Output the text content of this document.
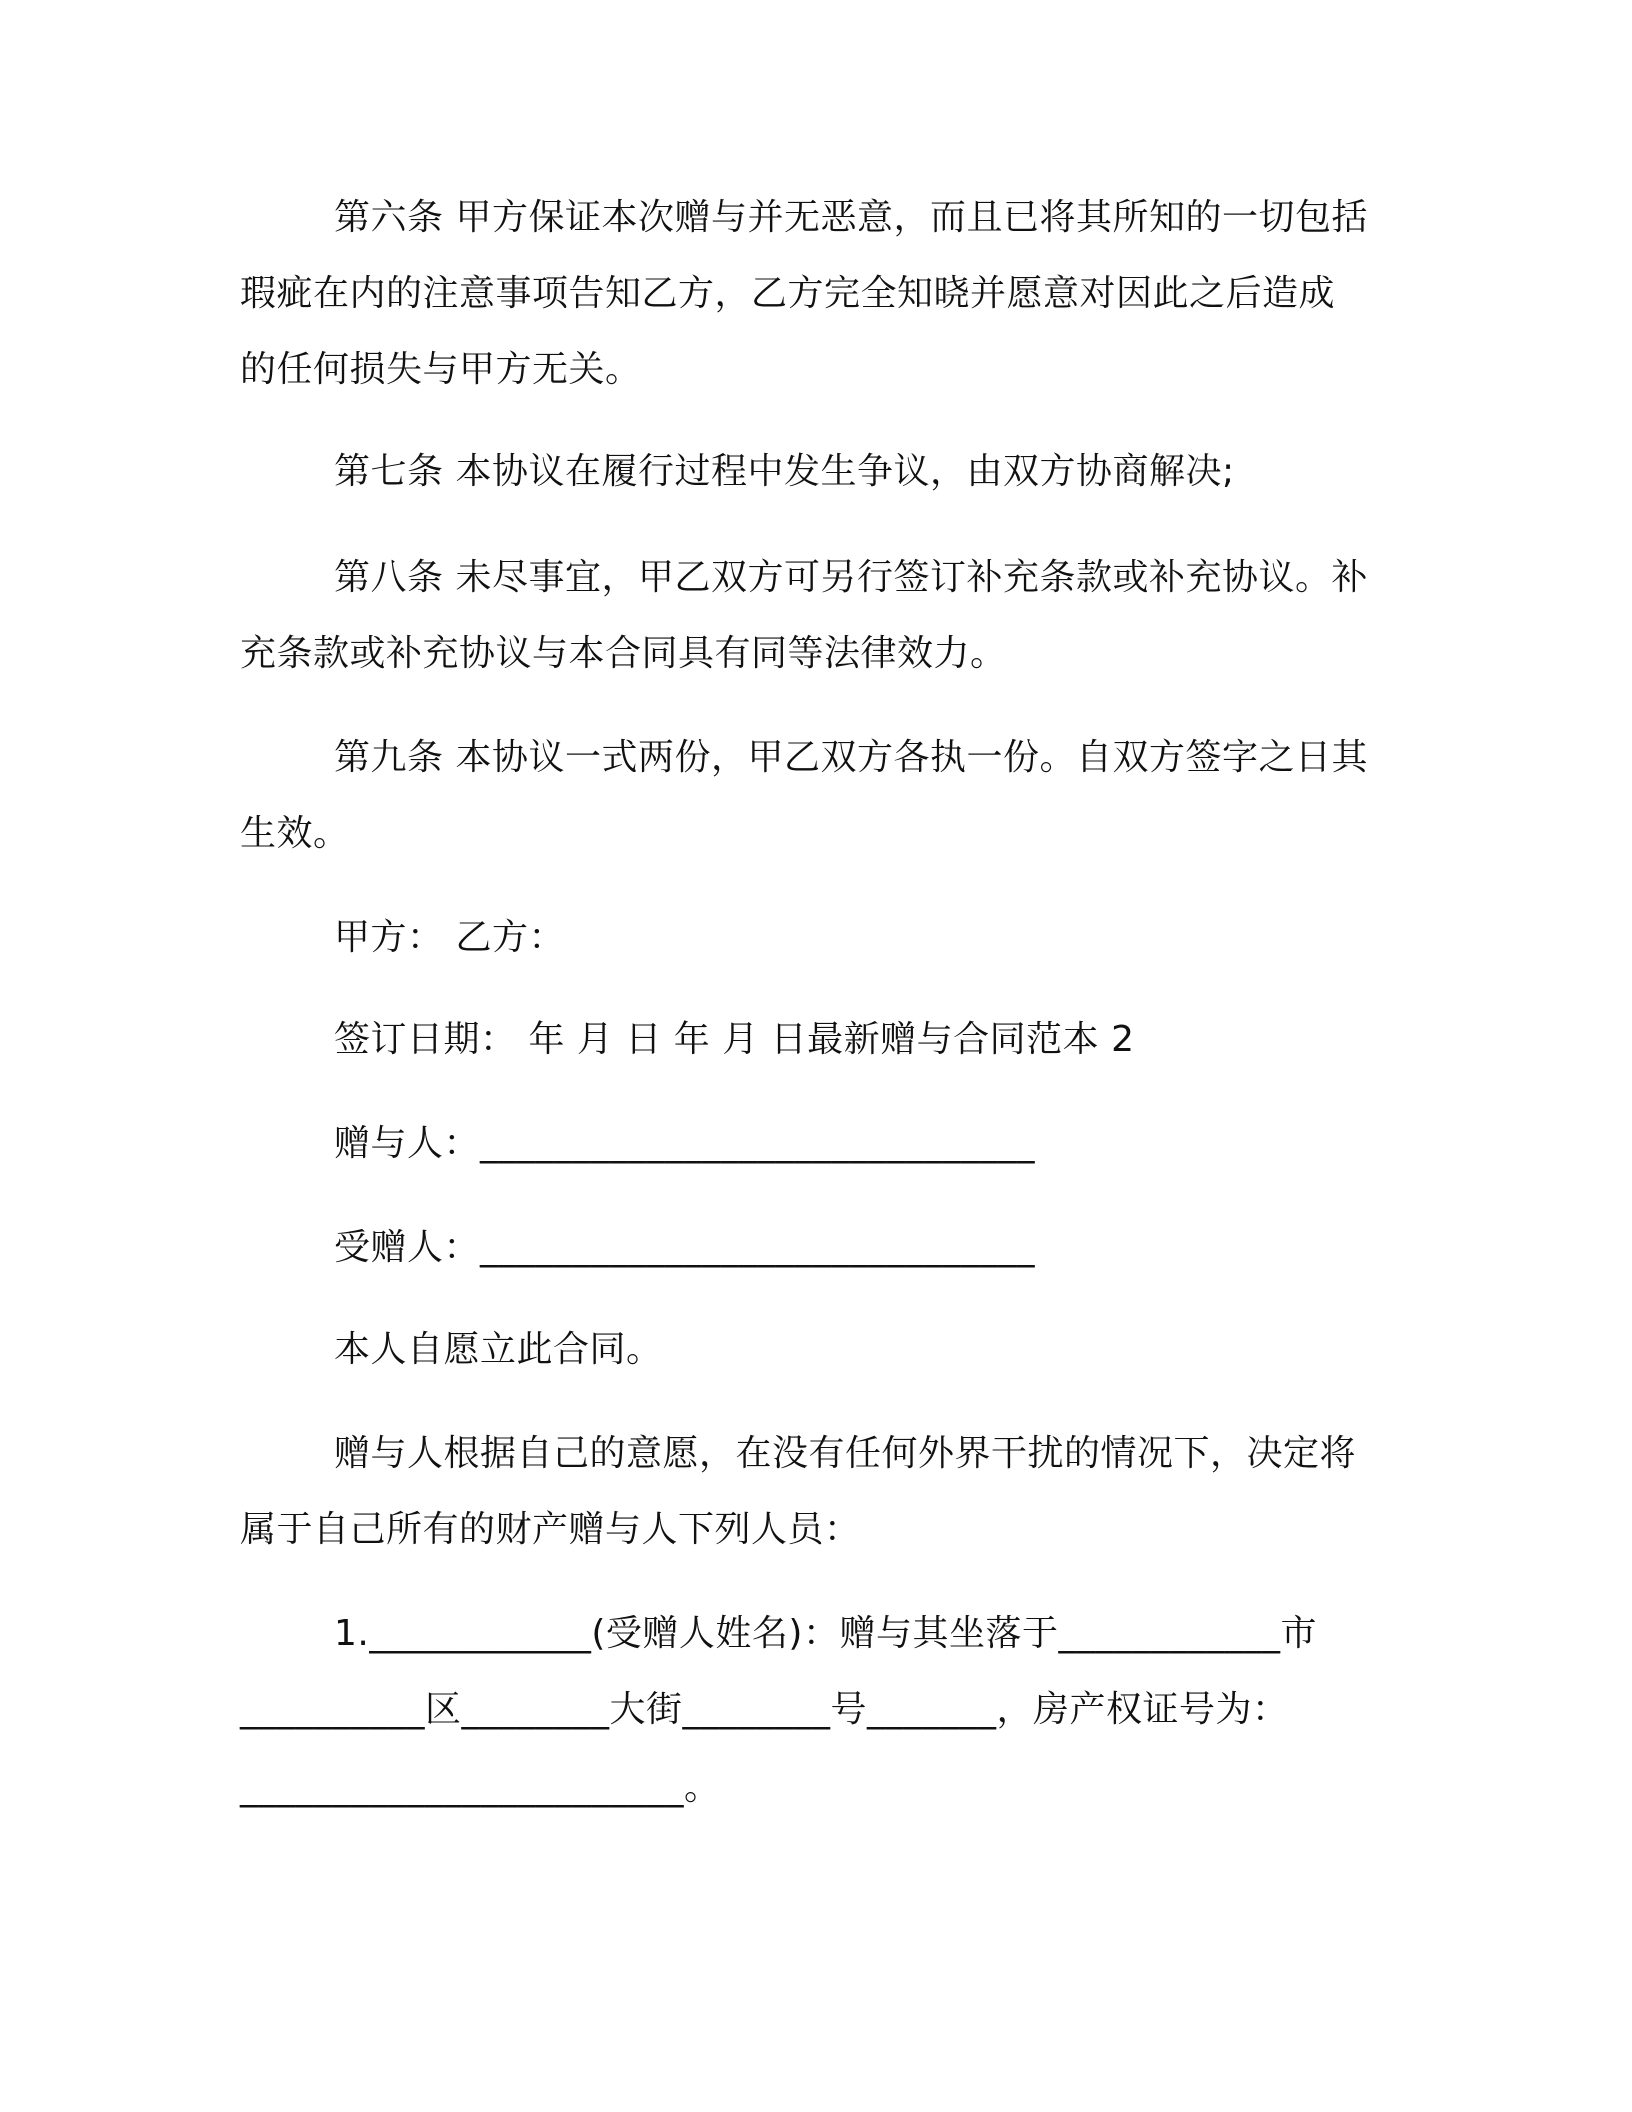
第六条 甲方保证本次赠与并无恶意，而且已将其所知的一切包括
瑕疵在内的注意事项告知乙方，乙方完全知晓并愿意对因此之后造成
的任何损失与甲方无关。
第七条 本协议在履行过程中发生争议，由双方协商解决;
第八条 未尽事宜，甲乙双方可另行签订补充条款或补充协议。补
充条款或补充协议与本合同具有同等法律效力。
第九条 本协议一式两份，甲乙双方各执一份。自双方签字之日其
生效。
甲方： 乙方：
签订日期： 年 月 日 年 月 日最新赠与合同范本 2
赠与人：______________________________
受赠人：______________________________
本人自愿立此合同。
赠与人根据自己的意愿，在没有任何外界干扰的情况下，决定将
属于自己所有的财产赠与人下列人员：
1.____________(受赠人姓名)：赠与其坐落于____________市
__________区________大街________号_______，房产权证号为：
________________________。
